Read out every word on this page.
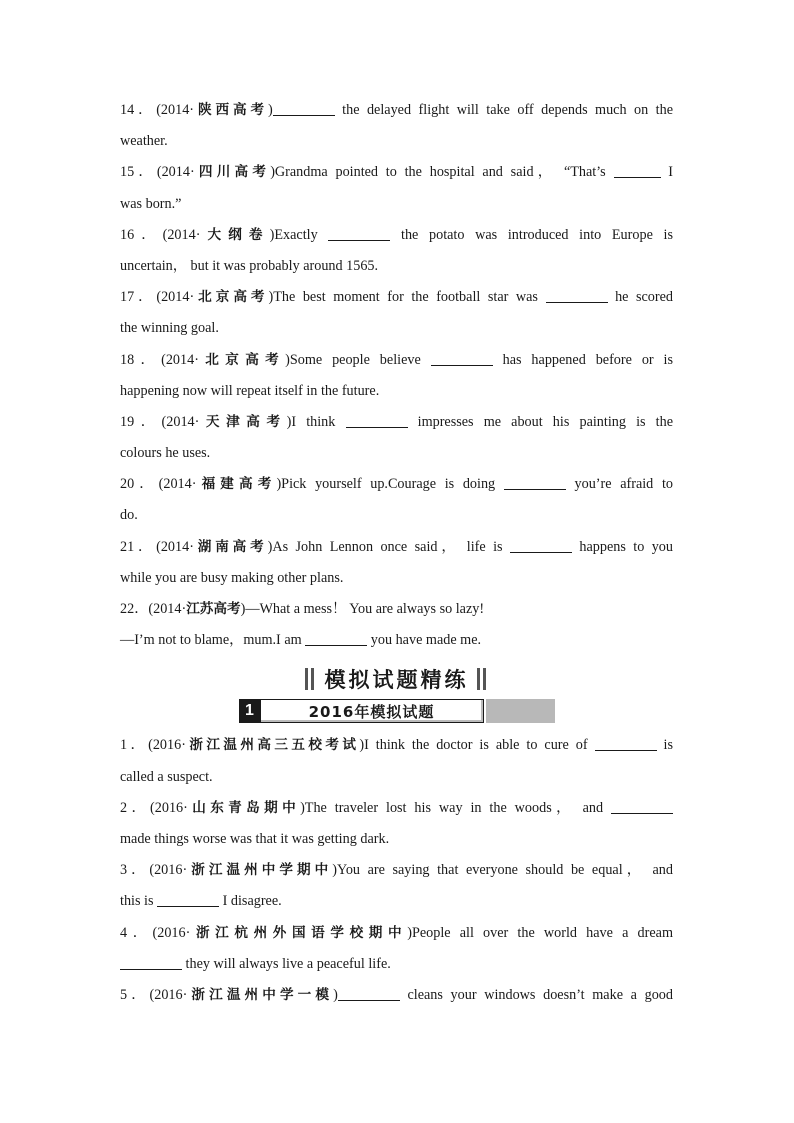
14．(2014·陕西高考)	the delayed flight will take off depends much on the
weather.
15．(2014·四川高考)Grandma pointed to the hospital and said， “That’s	I
was born.”
16．(2014·大纲卷)Exactly	the potato was introduced into Europe is
uncertain， but it was probably around 1565.
17．(2014·北京高考)The best moment for the football star was	he scored
the winning goal.
18．(2014·北京高考)Some people believe	has happened before or is
happening now will repeat itself in the future.
19．(2014·天津高考)I think	impresses me about his painting is the
colours he uses.
20．(2014·福建高考)Pick yourself up.Courage is doing	you’re afraid to
do.
21．(2014·湖南高考)As John Lennon once said， life is	happens to you
while you are busy making other plans.
22．(2014·江苏高考)—What a mess！ You are always so lazy!
—I’m not to blame，mum.I am	you have made me.
模拟试题精练
1	2016年模拟试题
1．(2016·浙江温州高三五校考试)I think the doctor is able to cure of	is
called a suspect.
2．(2016·山东青岛期中)The traveler lost his way in the woods， and
made things worse was that it was getting dark.
3．(2016·浙江温州中学期中)You are saying that everyone should be equal， and
this is	I disagree.
4．(2016·浙江杭州外国语学校期中)People all over the world have a dream
they will always live a peaceful life.
5．(2016·浙江温州中学一模)	cleans your windows doesn’t make a good
